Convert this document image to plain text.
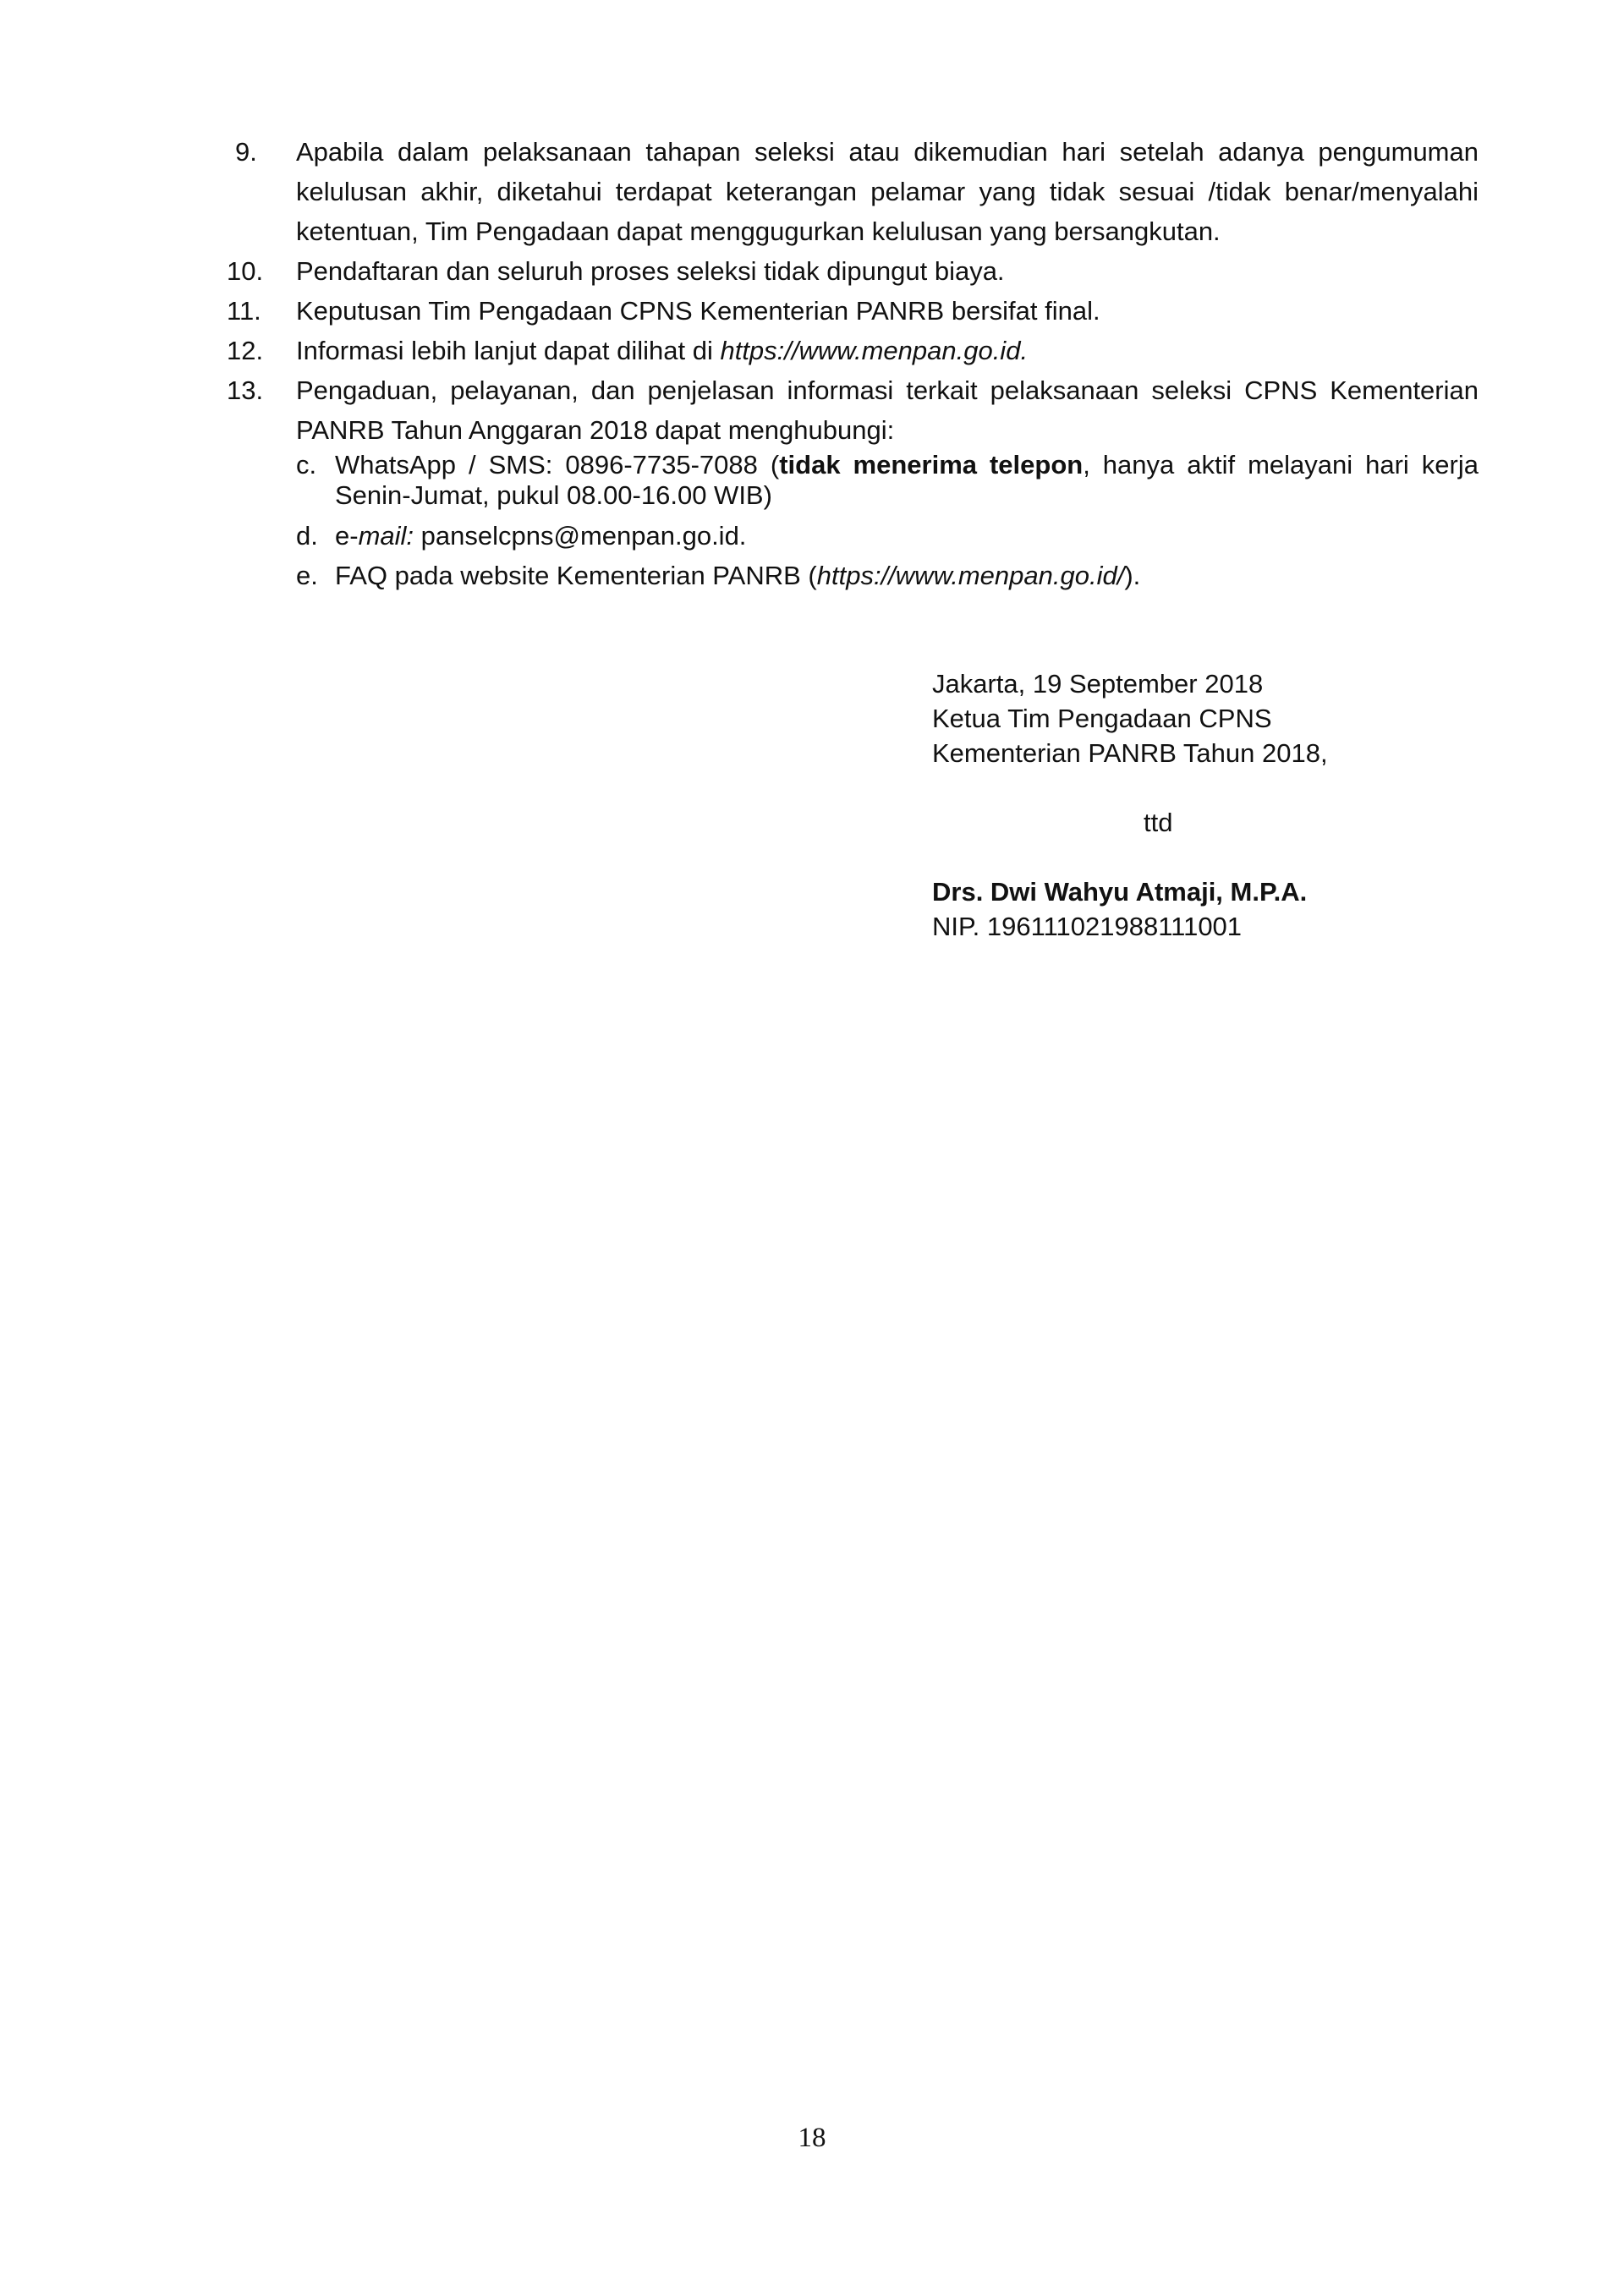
9. Apabila dalam pelaksanaan tahapan seleksi atau dikemudian hari setelah adanya pengumuman kelulusan akhir, diketahui terdapat keterangan pelamar yang tidak sesuai /tidak benar/menyalahi ketentuan, Tim Pengadaan dapat menggugurkan kelulusan yang bersangkutan.
10. Pendaftaran dan seluruh proses seleksi tidak dipungut biaya.
11. Keputusan Tim Pengadaan CPNS Kementerian PANRB bersifat final.
12. Informasi lebih lanjut dapat dilihat di https://www.menpan.go.id.
13. Pengaduan, pelayanan, dan penjelasan informasi terkait pelaksanaan seleksi CPNS Kementerian PANRB Tahun Anggaran 2018 dapat menghubungi:
c. WhatsApp / SMS: 0896-7735-7088 (tidak menerima telepon, hanya aktif melayani hari kerja Senin-Jumat, pukul 08.00-16.00 WIB)
d. e-mail: panselcpns@menpan.go.id.
e. FAQ pada website Kementerian PANRB (https://www.menpan.go.id/).
Jakarta, 19 September 2018
Ketua Tim Pengadaan CPNS
Kementerian PANRB Tahun 2018,
ttd
Drs. Dwi Wahyu Atmaji, M.P.A.
NIP. 196111021988111001
18
